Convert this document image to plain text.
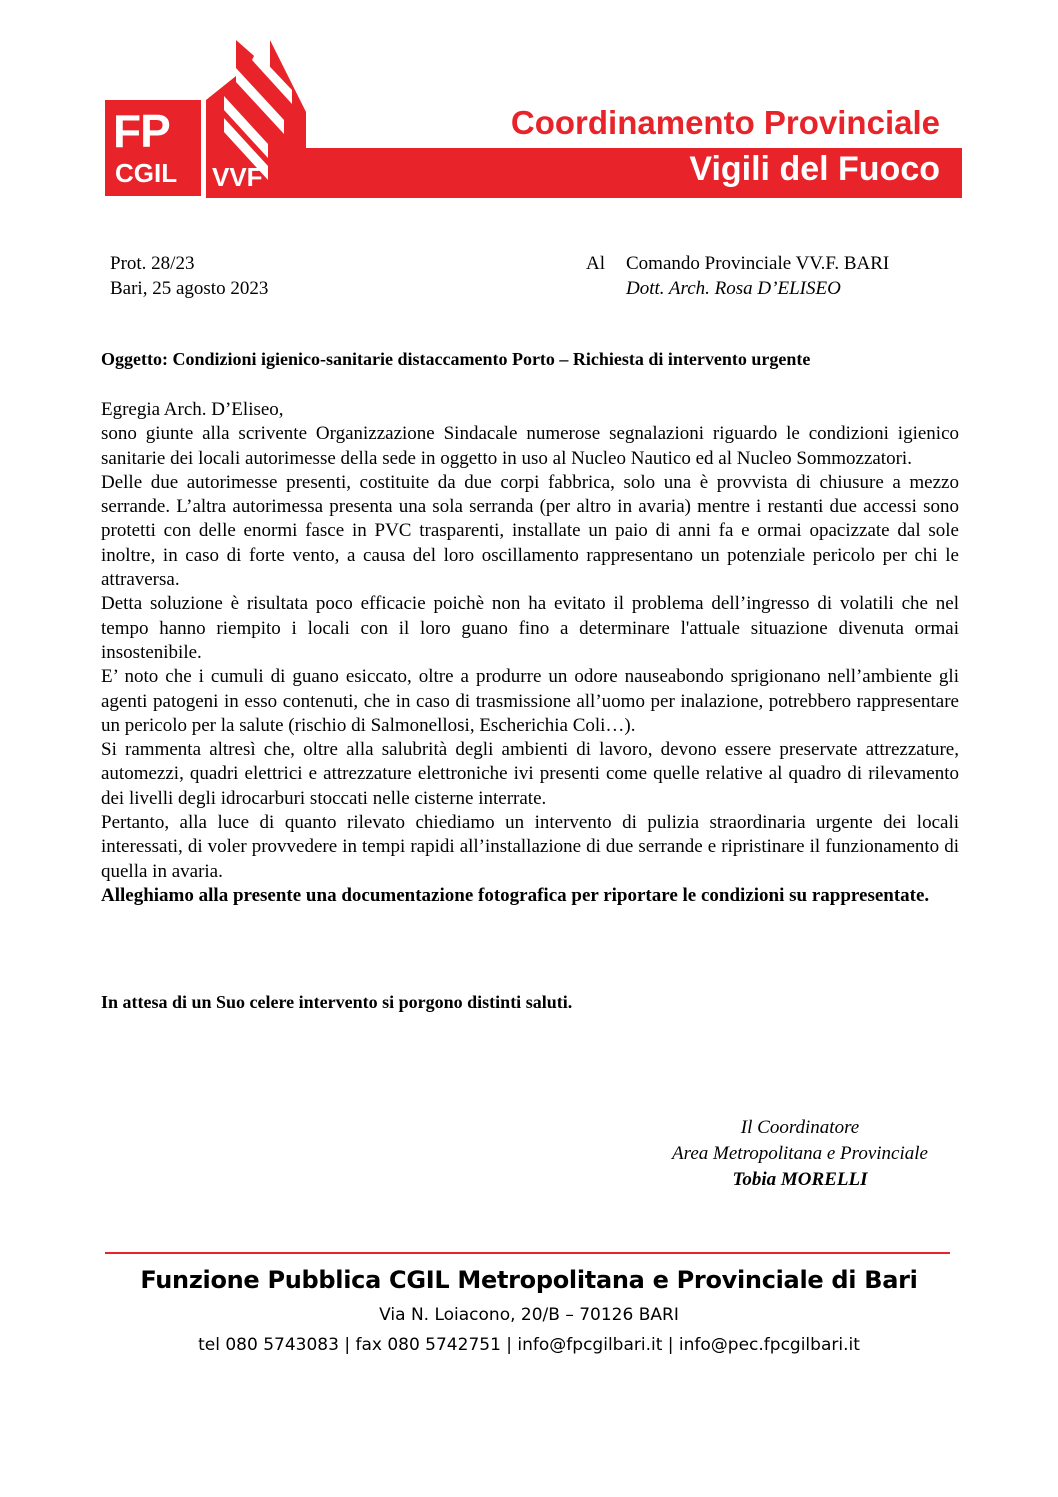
FP
CGIL VVF
Coordinamento Provinciale
Vigili del Fuoco
Prot. 28/23
Bari, 25 agosto 2023
Al Comando Provinciale VV.F. BARI
Dott. Arch. Rosa D’ELISEO
Oggetto: Condizioni igienico-sanitarie distaccamento Porto – Richiesta di intervento urgente

Egregia Arch. D’Eliseo,

sono giunte alla scrivente Organizzazione Sindacale numerose segnalazioni riguardo le condizioni igienico sanitarie dei locali autorimesse della sede in oggetto in uso al Nucleo Nautico ed al Nucleo Sommozzatori.

Delle due autorimesse presenti, costituite da due corpi fabbrica, solo una è provvista di chiusure a mezzo serrande. L’altra autorimessa presenta una sola serranda (per altro in avaria) mentre i restanti due accessi sono protetti con delle enormi fasce in PVC trasparenti, installate un paio di anni fa e ormai opacizzate dal sole inoltre, in caso di forte vento, a causa del loro oscillamento rappresentano un potenziale pericolo per chi le attraversa.

Detta soluzione è risultata poco efficacie poichè non ha evitato il problema dell’ingresso di volatili che nel tempo hanno riempito i locali con il loro guano fino a determinare l'attuale situazione divenuta ormai insostenibile.

E’ noto che i cumuli di guano esiccato, oltre a produrre un odore nauseabondo sprigionano nell’ambiente gli agenti patogeni in esso contenuti, che in caso di trasmissione all’uomo per inalazione, potrebbero rappresentare un pericolo per la salute (rischio di Salmonellosi, Escherichia Coli…).

Si rammenta altresì che, oltre alla salubrità degli ambienti di lavoro, devono essere preservate attrezzature, automezzi, quadri elettrici e attrezzature elettroniche ivi presenti come quelle relative al quadro di rilevamento dei livelli degli idrocarburi stoccati nelle cisterne interrate.

Pertanto, alla luce di quanto rilevato chiediamo un intervento di pulizia straordinaria urgente dei locali interessati, di voler provvedere in tempi rapidi all’installazione di due serrande e ripristinare il funzionamento di quella in avaria.

Alleghiamo alla presente una documentazione fotografica per riportare le condizioni su rappresentate.

In attesa di un Suo celere intervento si porgono distinti saluti.
Il Coordinatore
Area Metropolitana e Provinciale
Tobia MORELLI
Funzione Pubblica CGIL Metropolitana e Provinciale di Bari
Via N. Loiacono, 20/B – 70126 BARI
tel 080 5743083 | fax 080 5742751 | info@fpcgilbari.it | info@pec.fpcgilbari.it
